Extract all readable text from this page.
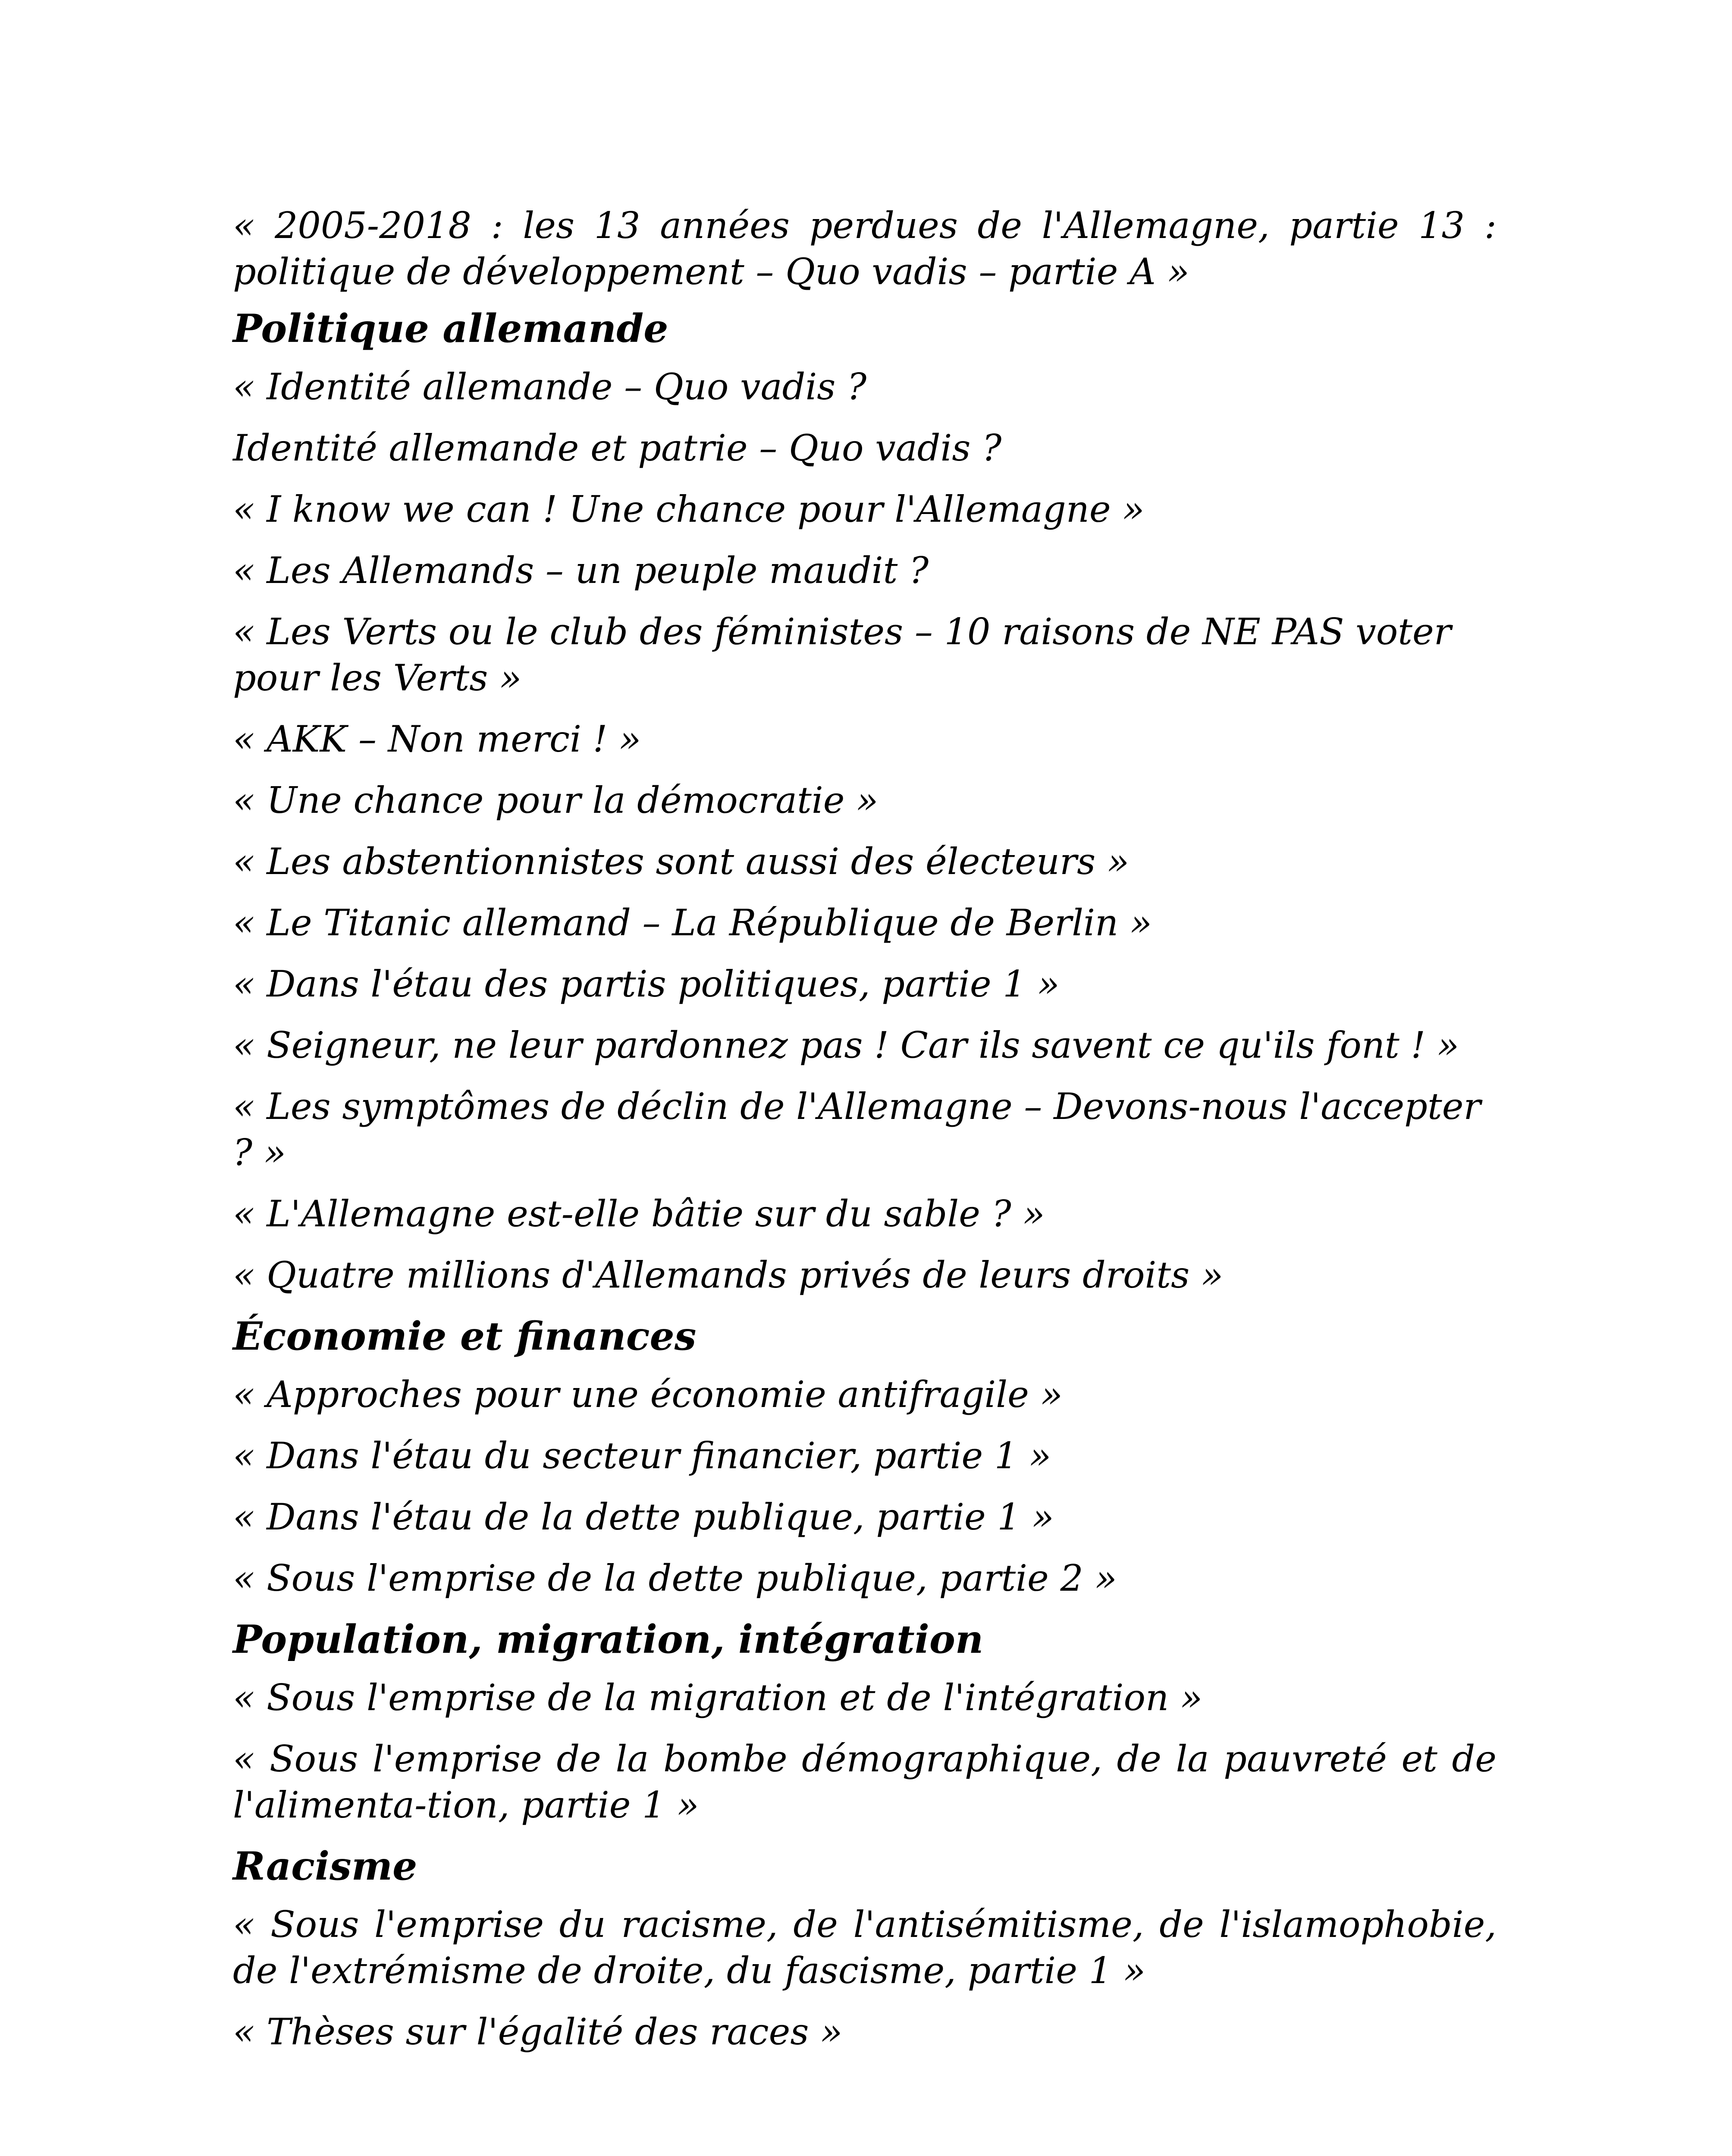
« 2005-2018 : les 13 années perdues de l'Allemagne, partie 13 : politique de développement – Quo vadis – partie A »

Politique allemande

« Identité allemande – Quo vadis ?

Identité allemande et patrie – Quo vadis ?

« I know we can ! Une chance pour l'Allemagne »

« Les Allemands – un peuple maudit ?

« Les Verts ou le club des féministes – 10 raisons de NE PAS voter pour les Verts »

« AKK – Non merci ! »

« Une chance pour la démocratie »

« Les abstentionnistes sont aussi des électeurs »

« Le Titanic allemand – La République de Berlin »

« Dans l'étau des partis politiques, partie 1 »

« Seigneur, ne leur pardonnez pas ! Car ils savent ce qu'ils font ! »

« Les symptômes de déclin de l'Allemagne – Devons-nous l'accepter ? »

« L'Allemagne est-elle bâtie sur du sable ? »

« Quatre millions d'Allemands privés de leurs droits »

Économie et finances

« Approches pour une économie antifragile »

« Dans l'étau du secteur financier, partie 1 »

« Dans l'étau de la dette publique, partie 1 »

« Sous l'emprise de la dette publique, partie 2 »

Population, migration, intégration

« Sous l'emprise de la migration et de l'intégration »

« Sous l'emprise de la bombe démographique, de la pauvreté et de l'alimenta-tion, partie 1 »

Racisme

« Sous l'emprise du racisme, de l'antisémitisme, de l'islamophobie, de l'extrémisme de droite, du fascisme, partie 1 »

« Thèses sur l'égalité des races »
